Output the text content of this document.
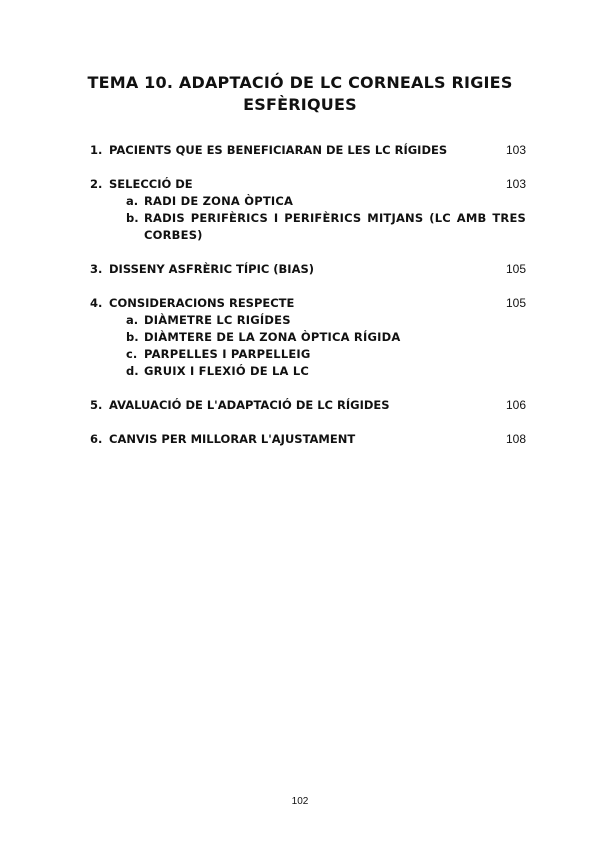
TEMA 10. ADAPTACIÓ DE LC CORNEALS RIGIES
ESFÈRIQUES
1. PACIENTS QUE ES BENEFICIARAN DE LES LC RÍGIDES	103
2. SELECCIÓ DE	103
a. RADI DE ZONA ÒPTICA
b. RADIS PERIFÈRICS I PERIFÈRICS MITJANS (LC AMB TRES CORBES)
3. DISSENY ASFRÈRIC TÍPIC (BIAS)	105
4. CONSIDERACIONS RESPECTE	105
a. DIÀMETRE LC RIGÍDES
b. DIÀMTERE DE LA ZONA ÒPTICA RÍGIDA
c. PARPELLES I PARPELLEIG
d. GRUIX I FLEXIÓ DE LA LC
5. AVALUACIÓ DE L'ADAPTACIÓ DE LC RÍGIDES	106
6. CANVIS PER MILLORAR L'AJUSTAMENT	108
102
